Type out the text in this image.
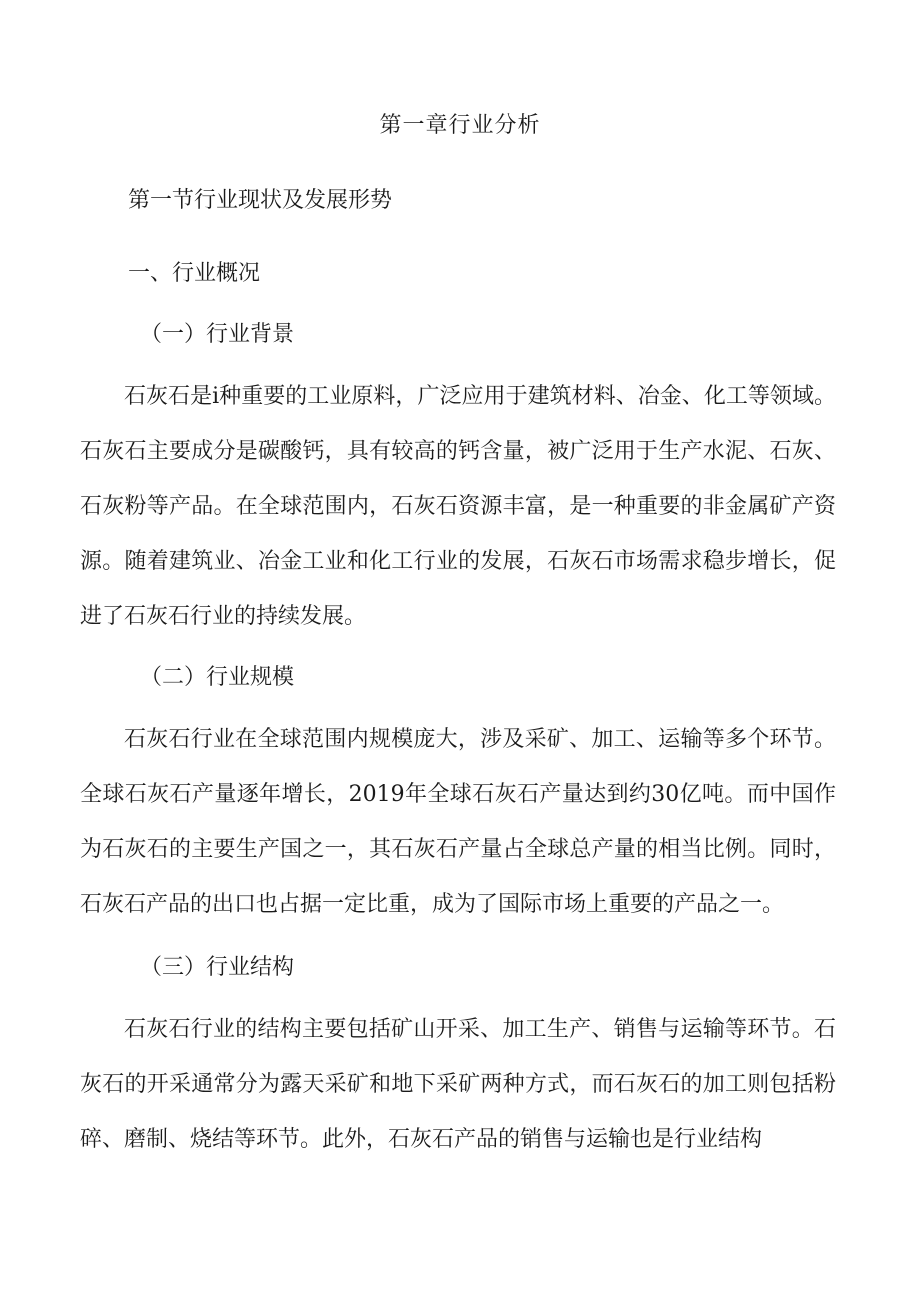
第一章行业分析
第一节行业现状及发展形势
一、行业概况
（一）行业背景

石灰石是i种重要的工业原料，广泛应用于建筑材料、冶金、化工等领域。石灰石主要成分是碳酸钙，具有较高的钙含量，被广泛用于生产水泥、石灰、石灰粉等产品。在全球范围内，石灰石资源丰富，是一种重要的非金属矿产资源。随着建筑业、冶金工业和化工行业的发展，石灰石市场需求稳步增长，促进了石灰石行业的持续发展。

（二）行业规模

石灰石行业在全球范围内规模庞大，涉及采矿、加工、运输等多个环节。全球石灰石产量逐年增长，2019年全球石灰石产量达到约30亿吨。而中国作为石灰石的主要生产国之一，其石灰石产量占全球总产量的相当比例。同时，石灰石产品的出口也占据一定比重，成为了国际市场上重要的产品之一。

（三）行业结构

石灰石行业的结构主要包括矿山开采、加工生产、销售与运输等环节。石灰石的开采通常分为露天采矿和地下采矿两种方式，而石灰石的加工则包括粉碎、磨制、烧结等环节。此外，石灰石产品的销售与运输也是行业结构
